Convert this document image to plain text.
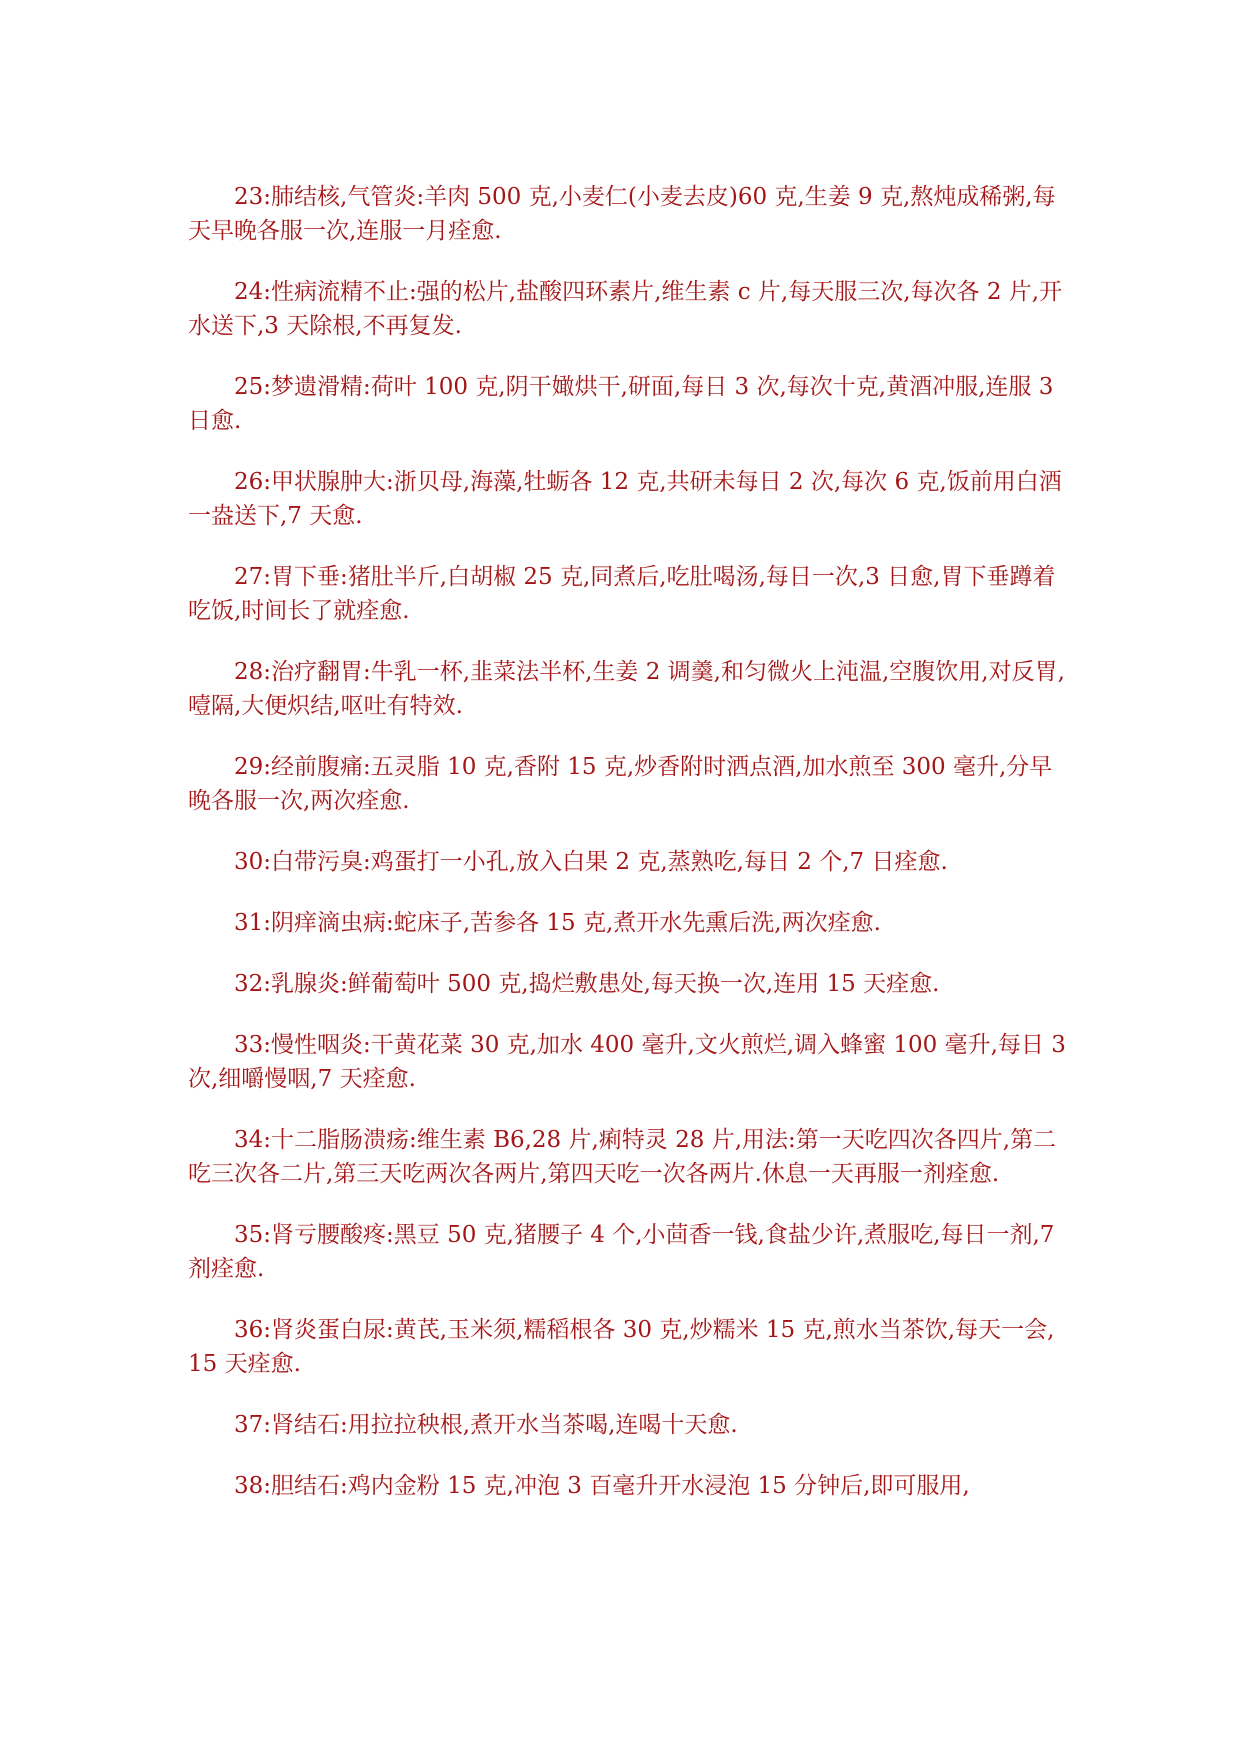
23:肺结核,气管炎:羊肉 500 克,小麦仁(小麦去皮)60 克,生姜 9 克,熬炖成稀粥,每天早晚各服一次,连服一月痊愈.

24:性病流精不止:强的松片,盐酸四环素片,维生素 c 片,每天服三次,每次各 2 片,开水送下,3 天除根,不再复发.

25:梦遗滑精:荷叶 100 克,阴干㜟烘干,研面,每日 3 次,每次十克,黄酒冲服,连服 3 日愈.

26:甲状腺肿大:浙贝母,海藻,牡蛎各 12 克,共研未每日 2 次,每次 6 克,饭前用白酒一盎送下,7 天愈.

27:胃下垂:猪肚半斤,白胡椒 25 克,同煮后,吃肚喝汤,每日一次,3 日愈,胃下垂蹲着吃饭,时间长了就痊愈.

28:治疗翻胃:牛乳一杯,韭菜法半杯,生姜 2 调羹,和匀微火上沌温,空腹饮用,对反胃,噎隔,大便炽结,呕吐有特效.

29:经前腹痛:五灵脂 10 克,香附 15 克,炒香附时洒点酒,加水煎至 300 毫升,分早晚各服一次,两次痊愈.

30:白带污臭:鸡蛋打一小孔,放入白果 2 克,蒸熟吃,每日 2 个,7 日痊愈.

31:阴痒滴虫病:蛇床子,苦参各 15 克,煮开水先熏后洗,两次痊愈.

32:乳腺炎:鲜葡萄叶 500 克,捣烂敷患处,每天换一次,连用 15 天痊愈.

33:慢性咽炎:干黄花菜 30 克,加水 400 毫升,文火煎烂,调入蜂蜜 100 毫升,每日 3 次,细嚼慢咽,7 天痊愈.

34:十二脂肠溃疡:维生素 B6,28 片,痢特灵 28 片,用法:第一天吃四次各四片,第二吃三次各二片,第三天吃两次各两片,第四天吃一次各两片.休息一天再服一剂痊愈.

35:肾亏腰酸疼:黑豆 50 克,猪腰子 4 个,小茴香一钱,食盐少许,煮服吃,每日一剂,7 剂痊愈.

36:肾炎蛋白尿:黄芪,玉米须,糯稻根各 30 克,炒糯米 15 克,煎水当茶饮,每天一会,15 天痊愈.

37:肾结石:用拉拉秧根,煮开水当茶喝,连喝十天愈.

38:胆结石:鸡内金粉 15 克,冲泡 3 百毫升开水浸泡 15 分钟后,即可服用,
